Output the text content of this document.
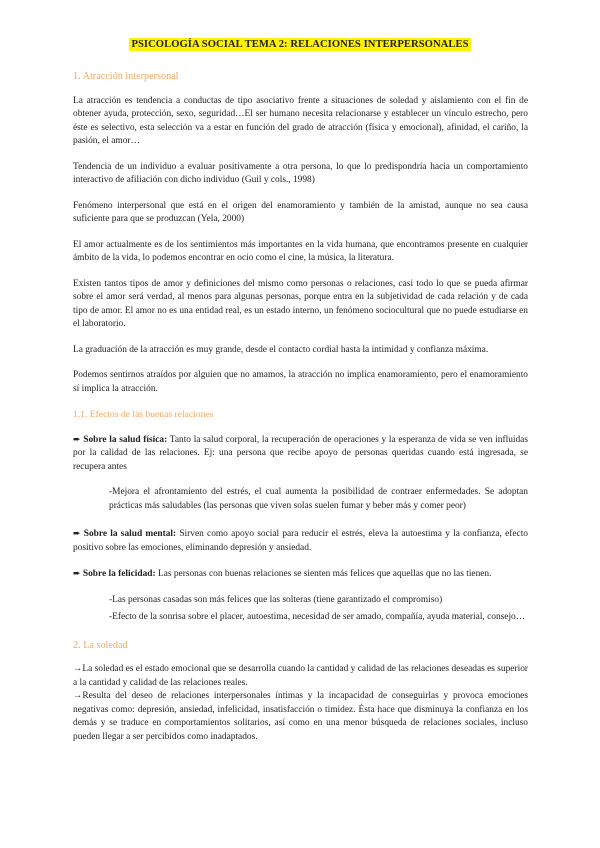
PSICOLOGÍA SOCIAL TEMA 2: RELACIONES INTERPERSONALES
1. Atracción interpersonal

La atracción es tendencia a conductas de tipo asociativo frente a situaciones de soledad y aislamiento con el fin de obtener ayuda, protección, sexo, seguridad…El ser humano necesita relacionarse y establecer un vínculo estrecho, pero éste es selectivo, esta selección va a estar en función del grado de atracción (física y emocional), afinidad, el cariño, la pasión, el amor…

Tendencia de un individuo a evaluar positivamente a otra persona, lo que lo predispondría hacia un comportamiento interactivo de afiliación con dicho individuo (Guil y cols., 1998)

Fenómeno interpersonal que está en el origen del enamoramiento y también de la amistad, aunque no sea causa suficiente para que se produzcan (Yela, 2000)

El amor actualmente es de los sentimientos más importantes en la vida humana, que encontramos presente en cualquier ámbito de la vida, lo podemos encontrar en ocio como el cine, la música, la literatura.

Existen tantos tipos de amor y definiciones del mismo como personas o relaciones, casi todo lo que se pueda afirmar sobre el amor será verdad, al menos para algunas personas, porque entra en la subjetividad de cada relación y de cada tipo de amor. El amor no es una entidad real, es un estado interno, un fenómeno sociocultural que no puede estudiarse en el laboratorio.

La graduación de la atracción es muy grande, desde el contacto cordial hasta la intimidad y confianza máxima.

Podemos sentirnos atraídos por alguien que no amamos, la atracción no implica enamoramiento, pero el enamoramiento sí implica la atracción.

1.1. Efectos de las buenas relaciones

➨ Sobre la salud física: Tanto la salud corporal, la recuperación de operaciones y la esperanza de vida se ven influidas por la calidad de las relaciones. Ej: una persona que recibe apoyo de personas queridas cuando está ingresada, se recupera antes

-Mejora el afrontamiento del estrés, el cual aumenta la posibilidad de contraer enfermedades. Se adoptan prácticas más saludables (las personas que viven solas suelen fumar y beber más y comer peor)

➨ Sobre la salud mental: Sirven como apoyo social para reducir el estrés, eleva la autoestima y la confianza, efecto positivo sobre las emociones, eliminando depresión y ansiedad.

➨ Sobre la felicidad: Las personas con buenas relaciones se sienten más felices que aquellas que no las tienen.

-Las personas casadas son más felices que las solteras (tiene garantizado el compromiso)

-Efecto de la sonrisa sobre el placer, autoestima, necesidad de ser amado, compañía, ayuda material, consejo…

2. La soledad

→La soledad es el estado emocional que se desarrolla cuando la cantidad y calidad de las relaciones deseadas es superior a la cantidad y calidad de las relaciones reales.

→Resulta del deseo de relaciones interpersonales íntimas y la incapacidad de conseguirlas y provoca emociones negativas como: depresión, ansiedad, infelicidad, insatisfacción o timidez. Ésta hace que disminuya la confianza en los demás y se traduce en comportamientos solitarios, así como en una menor búsqueda de relaciones sociales, incluso pueden llegar a ser percibidos como inadaptados.
